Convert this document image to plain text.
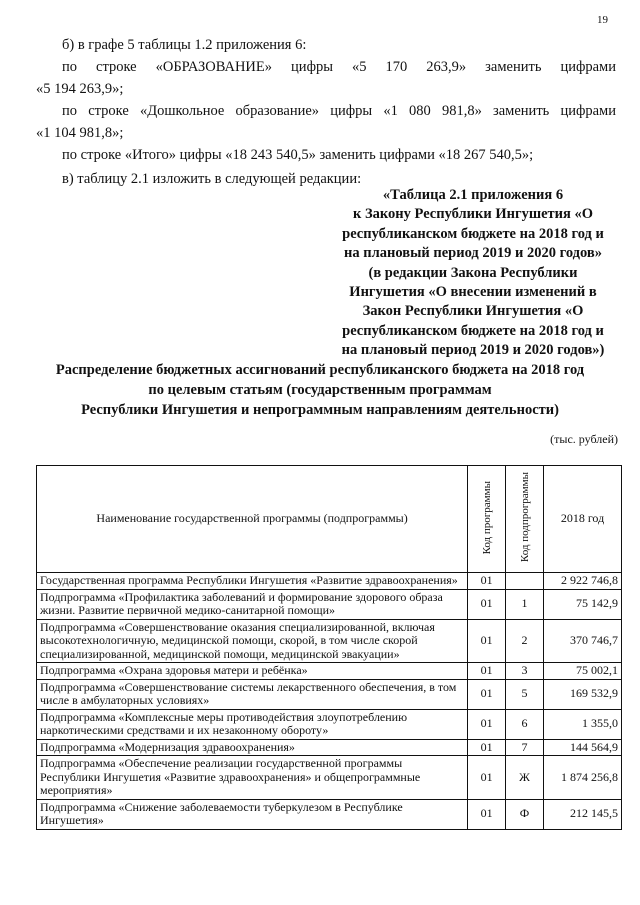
19
б) в графе 5 таблицы 1.2 приложения 6:
по строке «ОБРАЗОВАНИЕ» цифры «5 170 263,9» заменить цифрами
«5 194 263,9»;
по строке «Дошкольное образование» цифры «1 080 981,8» заменить цифрами
«1 104 981,8»;
по строке «Итого» цифры «18 243 540,5» заменить цифрами «18 267 540,5»;
в) таблицу 2.1 изложить в следующей редакции:
«Таблица 2.1 приложения 6
к Закону Республики Ингушетия «О
республиканском бюджете на 2018 год и
на плановый период 2019 и 2020 годов»
(в редакции Закона Республики
Ингушетия «О внесении изменений в
Закон Республики Ингушетия «О
республиканском бюджете на 2018 год и
на плановый период 2019 и 2020 годов»)
Распределение бюджетных ассигнований республиканского бюджета на 2018 год
по целевым статьям (государственным программам
Республики Ингушетия и непрограммным направлениям деятельности)
(тыс. рублей)
Наименование государственной программы (подпрограммы)	Код программы	Код подпрограммы	2018 год
Государственная программа Республики Ингушетия «Развитие здравоохранения»	01		2 922 746,8
Подпрограмма «Профилактика заболеваний и формирование здорового образа жизни. Развитие первичной медико-санитарной помощи»	01	1	75 142,9
Подпрограмма «Совершенствование оказания специализированной, включая высокотехнологичную, медицинской помощи, скорой, в том числе скорой специализированной, медицинской помощи, медицинской эвакуации»	01	2	370 746,7
Подпрограмма «Охрана здоровья матери и ребёнка»	01	3	75 002,1
Подпрограмма «Совершенствование системы лекарственного обеспечения, в том числе в амбулаторных условиях»	01	5	169 532,9
Подпрограмма «Комплексные меры противодействия злоупотреблению наркотическими средствами и их незаконному обороту»	01	6	1 355,0
Подпрограмма «Модернизация здравоохранения»	01	7	144 564,9
Подпрограмма «Обеспечение реализации государственной программы Республики Ингушетия «Развитие здравоохранения» и общепрограммные мероприятия»	01	Ж	1 874 256,8
Подпрограмма «Снижение заболеваемости туберкулезом в Республике Ингушетия»	01	Ф	212 145,5
